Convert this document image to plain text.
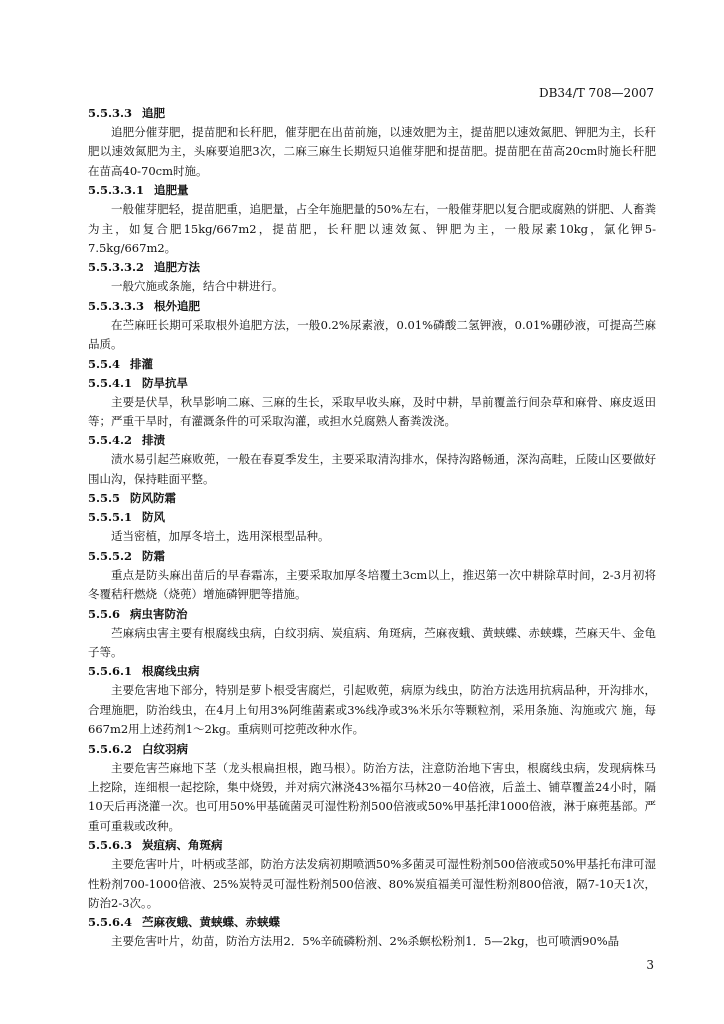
DB34/T 708—2007
5.5.3.3 追肥

追肥分催芽肥，提苗肥和长秆肥，催芽肥在出苗前施，以速效肥为主，提苗肥以速效氮肥、钾肥为主，长秆肥以速效氮肥为主，头麻要追肥3次，二麻三麻生长期短只追催芽肥和提苗肥。提苗肥在苗高20cm时施长秆肥在苗高40-70cm时施。

5.5.3.3.1 追肥量

一般催芽肥轻，提苗肥重，追肥量，占全年施肥量的50%左右，一般催芽肥以复合肥或腐熟的饼肥、人畜粪为主，如复合肥15kg/667m2，提苗肥，长秆肥以速效氮、钾肥为主，一般尿素10kg，氯化钾5-7.5kg/667m2。

5.5.3.3.2 追肥方法

一般穴施或条施，结合中耕进行。

5.5.3.3.3 根外追肥

在苎麻旺长期可采取根外追肥方法，一般0.2%尿素液，0.01%磷酸二氢钾液，0.01%硼砂液，可提高苎麻品质。

5.5.4 排灌
5.5.4.1 防旱抗旱

主要是伏旱，秋旱影响二麻、三麻的生长，采取早收头麻，及时中耕，旱前覆盖行间杂草和麻骨、麻皮返田等；严重干旱时，有灌溉条件的可采取沟灌，或担水兑腐熟人畜粪泼浇。

5.5.4.2 排渍

渍水易引起苎麻败蔸，一般在春夏季发生，主要采取清沟排水，保持沟路畅通，深沟高畦，丘陵山区要做好围山沟，保持畦面平整。

5.5.5 防风防霜
5.5.5.1 防风

适当密植，加厚冬培土，选用深根型品种。

5.5.5.2 防霜

重点是防头麻出苗后的早春霜冻，主要采取加厚冬培覆土3cm以上，推迟第一次中耕除草时间，2-3月初将冬覆秸秆燃烧（烧蔸）增施磷钾肥等措施。

5.5.6 病虫害防治

苎麻病虫害主要有根腐线虫病，白纹羽病、炭疽病、角斑病，苎麻夜蛾、黄蛱蝶、赤蛱蝶，苎麻天牛、金龟子等。

5.5.6.1 根腐线虫病

主要危害地下部分，特别是萝卜根受害腐烂，引起败蔸，病原为线虫，防治方法选用抗病品种，开沟排水，合理施肥，防治线虫，在4月上旬用3%阿维菌素或3%线净或3%米乐尔等颗粒剂，采用条施、沟施或穴 施，每667m2用上述药剂1～2kg。重病则可挖蔸改种水作。

5.5.6.2 白纹羽病

主要危害苎麻地下茎（龙头根扁担根，跑马根）。防治方法，注意防治地下害虫，根腐线虫病，发现病株马上挖除，连细根一起挖除，集中烧毁，并对病穴淋浇43%福尔马林20－40倍液，后盖土、铺草覆盖24小时，隔10天后再浇灌一次。也可用50%甲基硫菌灵可湿性粉剂500倍液或50%甲基托津1000倍液，淋于麻蔸基部。严重可重栽或改种。

5.5.6.3 炭疽病、角斑病

主要危害叶片，叶柄或茎部，防治方法发病初期喷洒50%多菌灵可湿性粉剂500倍液或50%甲基托布津可湿性粉剂700-1000倍液、25%炭特灵可湿性粉剂500倍液、80%炭疽福美可湿性粉剂800倍液，隔7-10天1次，防治2-3次。。

5.5.6.4 苎麻夜蛾、黄蛱蝶、赤蛱蝶

主要危害叶片，幼苗，防治方法用2．5%辛硫磷粉剂、2%杀螟松粉剂1．5—2kg，也可喷洒90%晶

3
